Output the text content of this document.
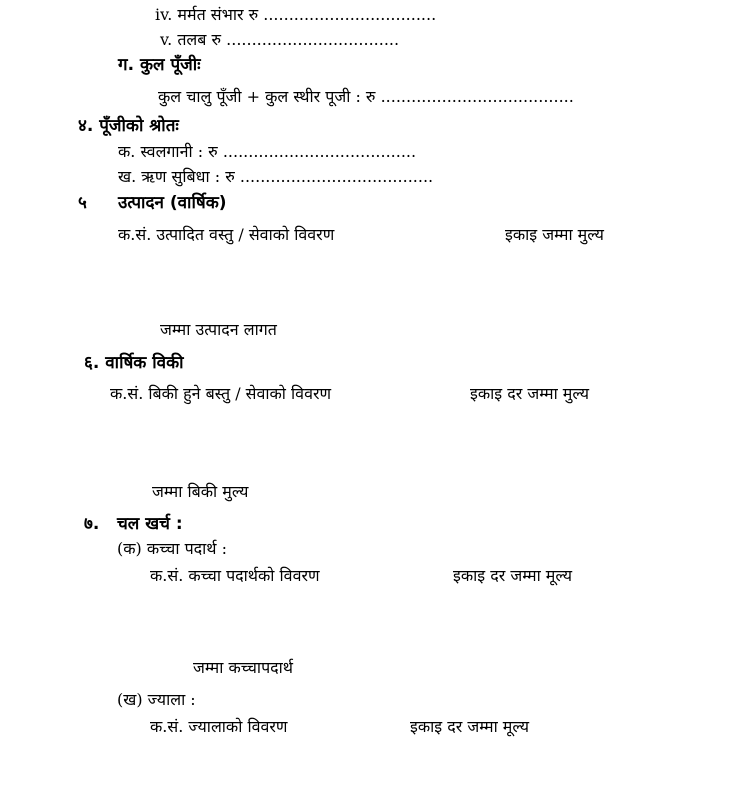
iv. मर्मत संभार रु ..................................
v. तलब रु ..................................
ग. कुल पूँजीः
कुल चालु पूँजी + कुल स्थीर पूजी : रु ......................................
४. पूँजीको श्रोतः
क. स्वलगानी : रु ......................................
ख. ऋण सुबिधा : रु ......................................
५ उत्पादन (वार्षिक)
क.सं. उत्पादित वस्तु / सेवाको विवरण	इकाइ जम्मा मुल्य
जम्मा उत्पादन लागत
६. वार्षिक विकी
क.सं. बिकी हुने बस्तु / सेवाको विवरण	इकाइ दर जम्मा मुल्य
जम्मा बिकी मुल्य
७. चल खर्च :
(क) कच्चा पदार्थ :
क.सं. कच्चा पदार्थको विवरण	इकाइ दर जम्मा मूल्य
जम्मा कच्चापदार्थ
(ख) ज्याला :
क.सं. ज्यालाको विवरण	इकाइ दर जम्मा मूल्य
